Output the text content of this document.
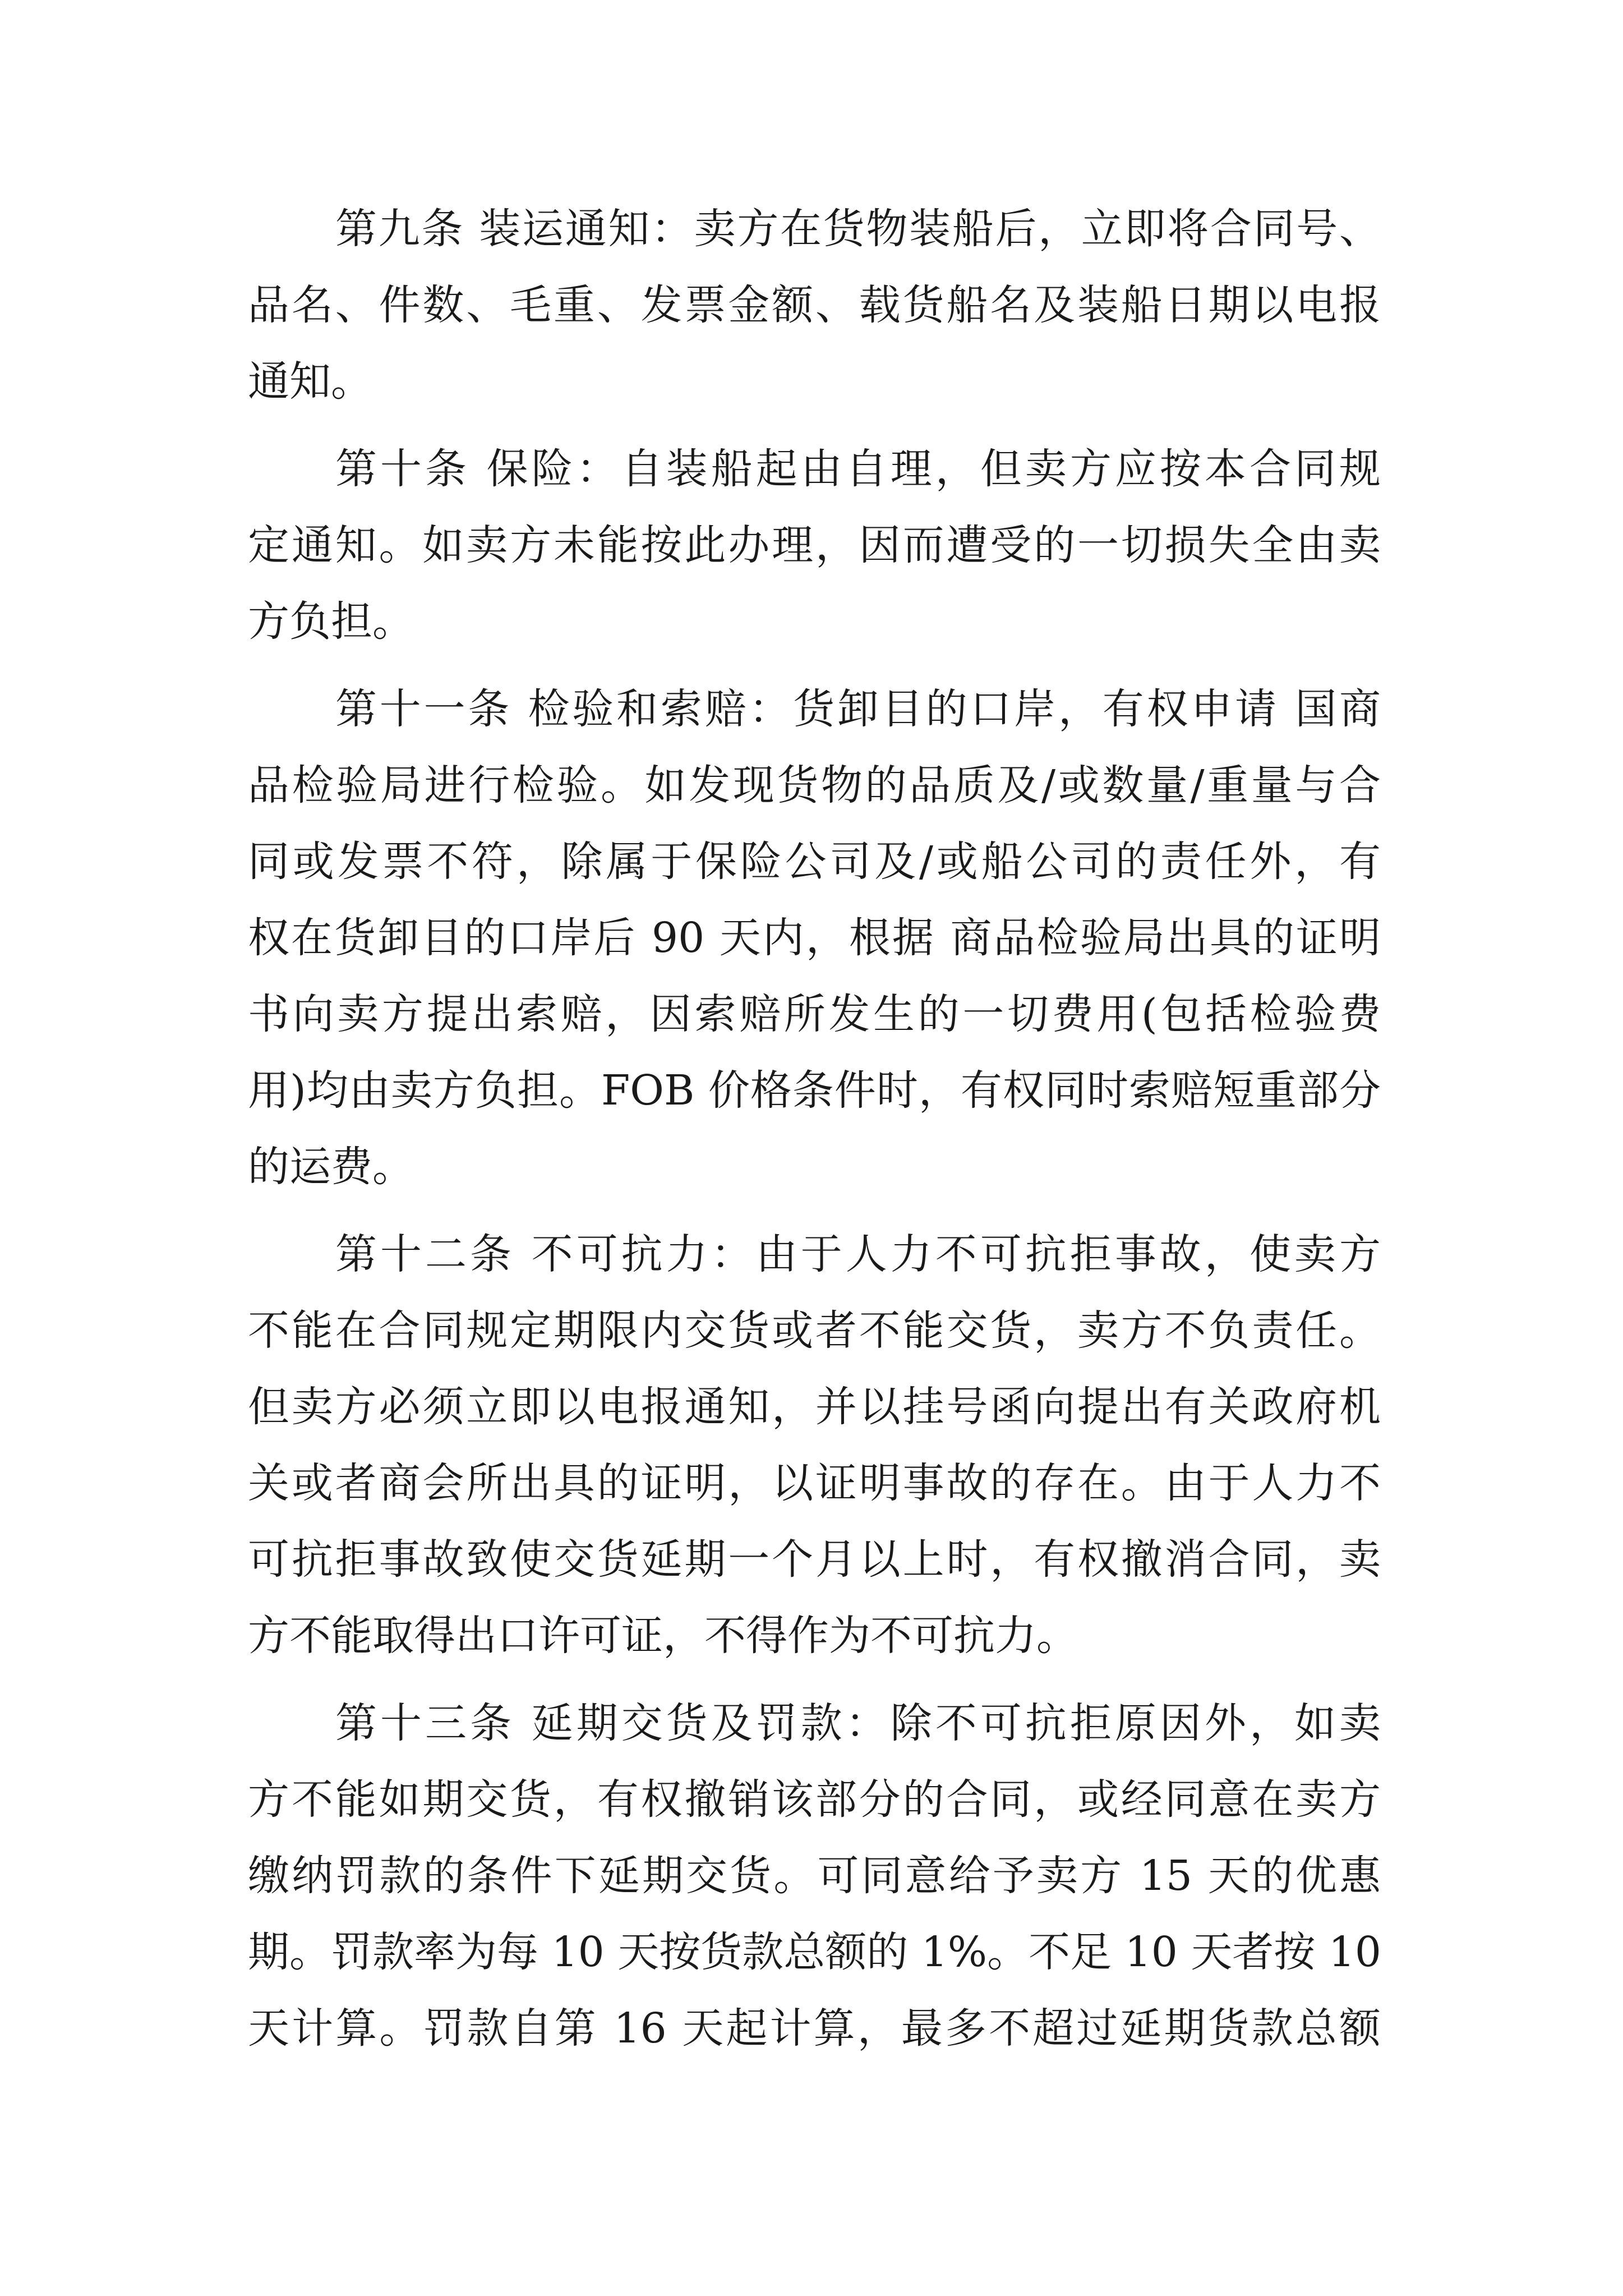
第九条 装运通知：卖方在货物装船后，立即将合同号、
品名、件数、毛重、发票金额、载货船名及装船日期以电报
通知。
第十条 保险：自装船起由自理，但卖方应按本合同规
定通知。如卖方未能按此办理，因而遭受的一切损失全由卖
方负担。
第十一条 检验和索赔：货卸目的口岸，有权申请 国商
品检验局进行检验。如发现货物的品质及/或数量/重量与合
同或发票不符，除属于保险公司及/或船公司的责任外，有
权在货卸目的口岸后 90 天内，根据 商品检验局出具的证明
书向卖方提出索赔，因索赔所发生的一切费用(包括检验费
用)均由卖方负担。FOB 价格条件时，有权同时索赔短重部分
的运费。
第十二条 不可抗力：由于人力不可抗拒事故，使卖方
不能在合同规定期限内交货或者不能交货，卖方不负责任。
但卖方必须立即以电报通知，并以挂号函向提出有关政府机
关或者商会所出具的证明，以证明事故的存在。由于人力不
可抗拒事故致使交货延期一个月以上时，有权撤消合同，卖
方不能取得出口许可证，不得作为不可抗力。
第十三条 延期交货及罚款：除不可抗拒原因外，如卖
方不能如期交货，有权撤销该部分的合同，或经同意在卖方
缴纳罚款的条件下延期交货。可同意给予卖方 15 天的优惠
期。罚款率为每 10 天按货款总额的 1%。不足 10 天者按 10
天计算。罚款自第 16 天起计算，最多不超过延期货款总额
